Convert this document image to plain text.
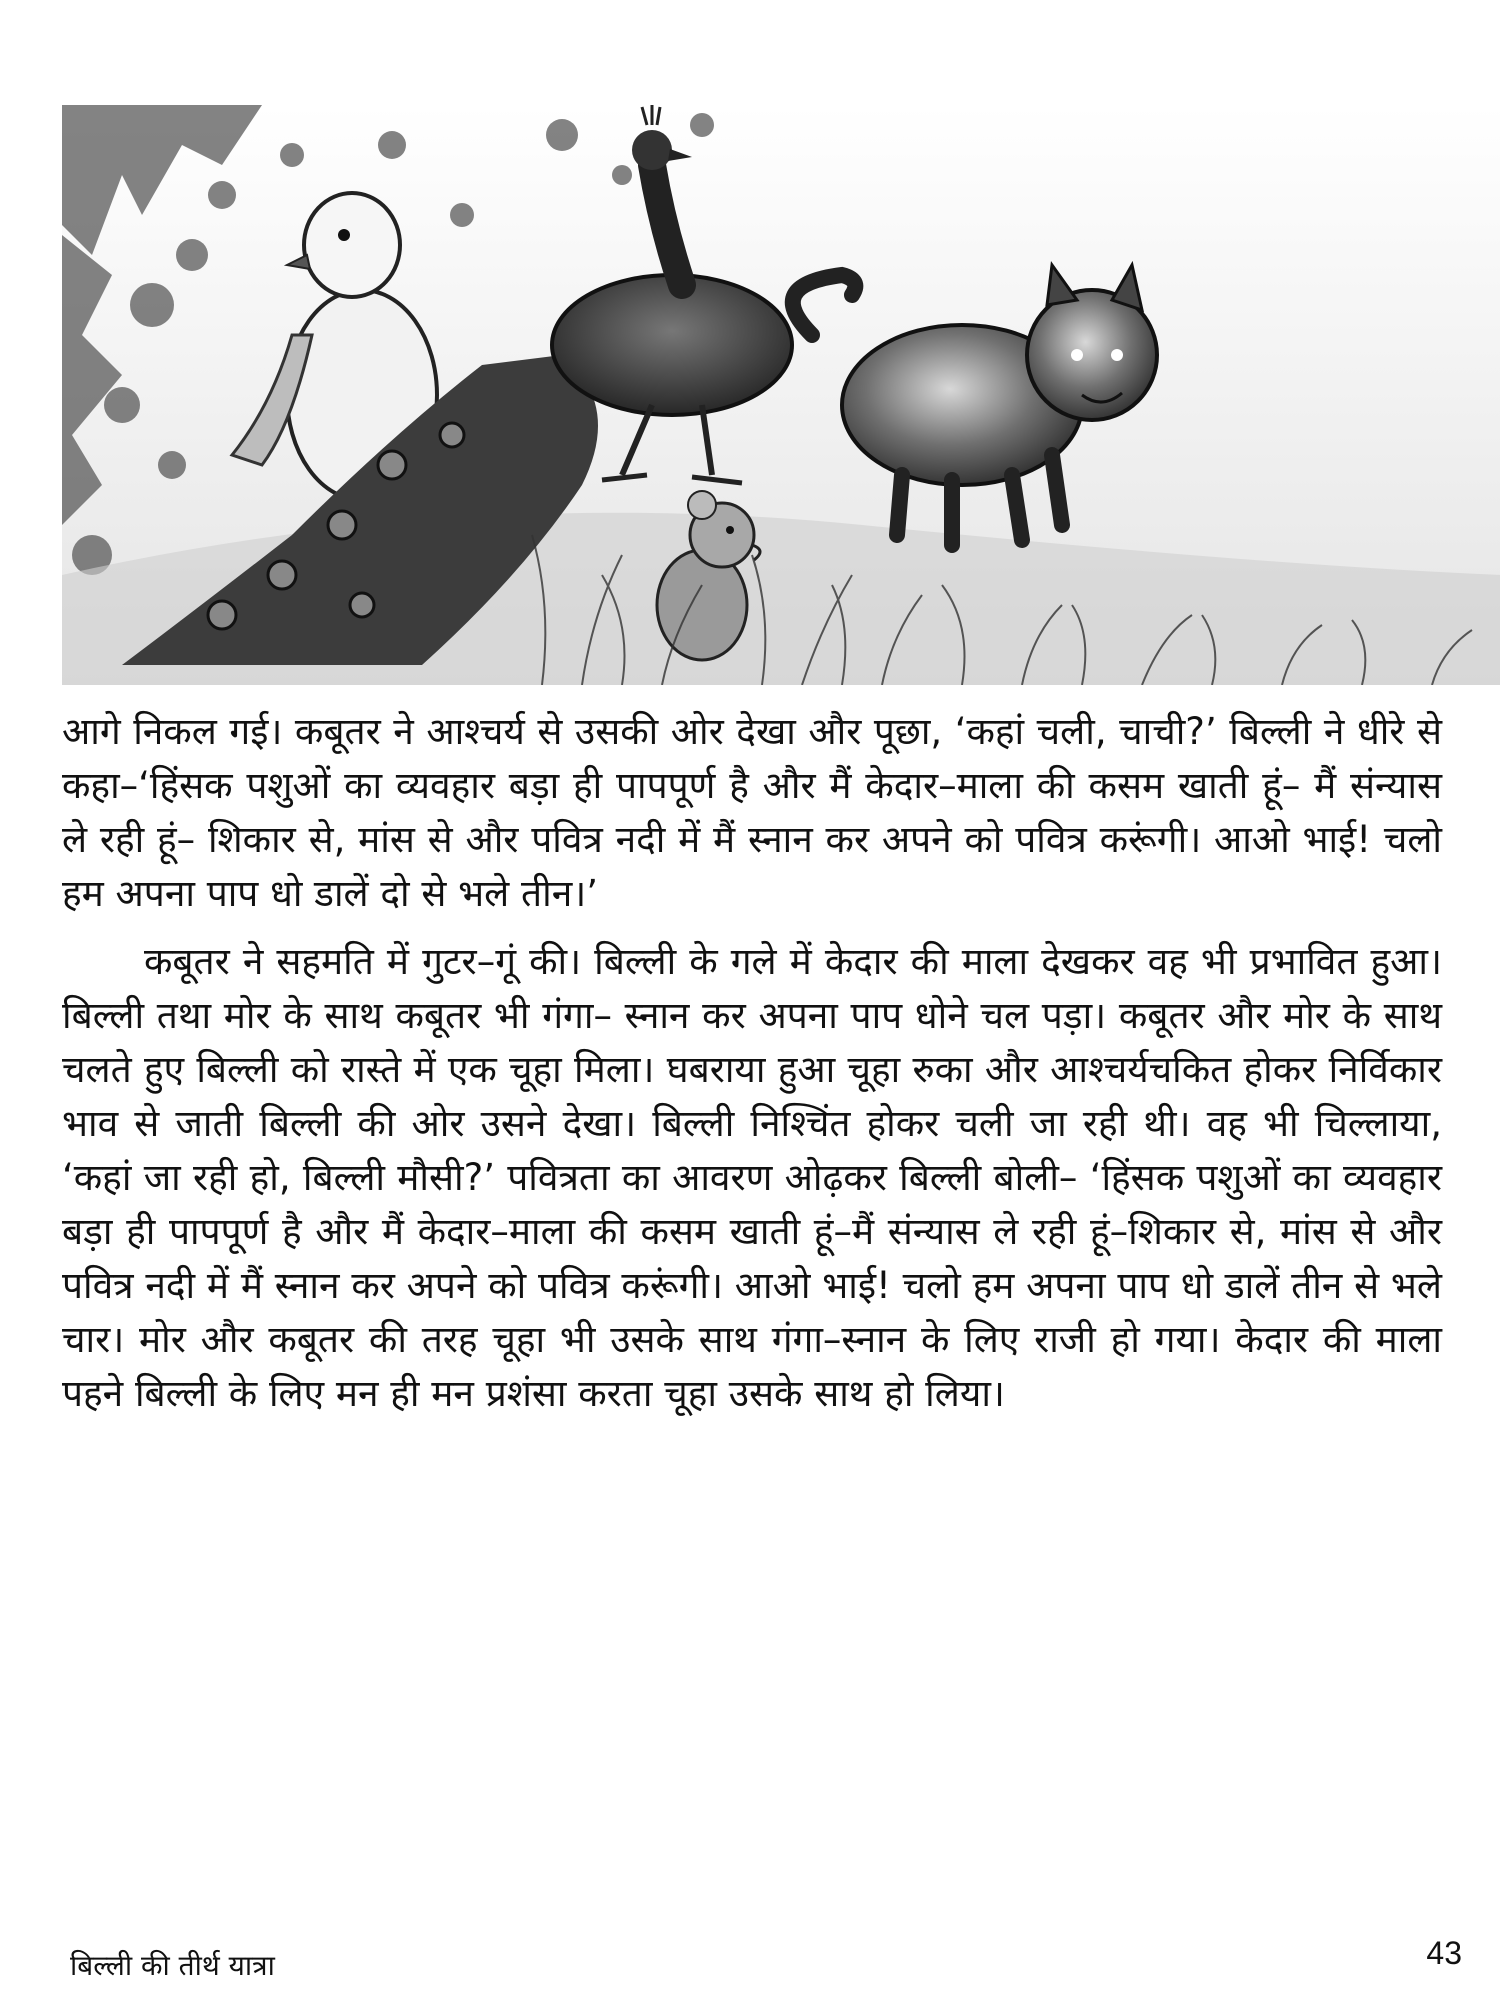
आगे निकल गई। कबूतर ने आश्चर्य से उसकी ओर देखा और पूछा, ‘कहां चली, चाची?’ बिल्ली ने धीरे से कहा–‘हिंसक पशुओं का व्यवहार बड़ा ही पापपूर्ण है और मैं केदार–माला की कसम खाती हूं– मैं संन्यास ले रही हूं– शिकार से, मांस से और पवित्र नदी में मैं स्नान कर अपने को पवित्र करूंगी। आओ भाई! चलो हम अपना पाप धो डालें दो से भले तीन।’

कबूतर ने सहमति में गुटर–गूं की। बिल्ली के गले में केदार की माला देखकर वह भी प्रभावित हुआ। बिल्ली तथा मोर के साथ कबूतर भी गंगा– स्नान कर अपना पाप धोने चल पड़ा। कबूतर और मोर के साथ चलते हुए बिल्ली को रास्ते में एक चूहा मिला। घबराया हुआ चूहा रुका और आश्चर्यचकित होकर निर्विकार भाव से जाती बिल्ली की ओर उसने देखा। बिल्ली निश्चिंत होकर चली जा रही थी। वह भी चिल्लाया, ‘कहां जा रही हो, बिल्ली मौसी?’ पवित्रता का आवरण ओढ़कर बिल्ली बोली– ‘हिंसक पशुओं का व्यवहार बड़ा ही पापपूर्ण है और मैं केदार–माला की कसम खाती हूं–मैं संन्यास ले रही हूं–शिकार से, मांस से और पवित्र नदी में मैं स्नान कर अपने को पवित्र करूंगी। आओ भाई! चलो हम अपना पाप धो डालें तीन से भले चार। मोर और कबूतर की तरह चूहा भी उसके साथ गंगा–स्नान के लिए राजी हो गया। केदार की माला पहने बिल्ली के लिए मन ही मन प्रशंसा करता चूहा उसके साथ हो लिया।

बिल्ली की तीर्थ यात्रा	43
